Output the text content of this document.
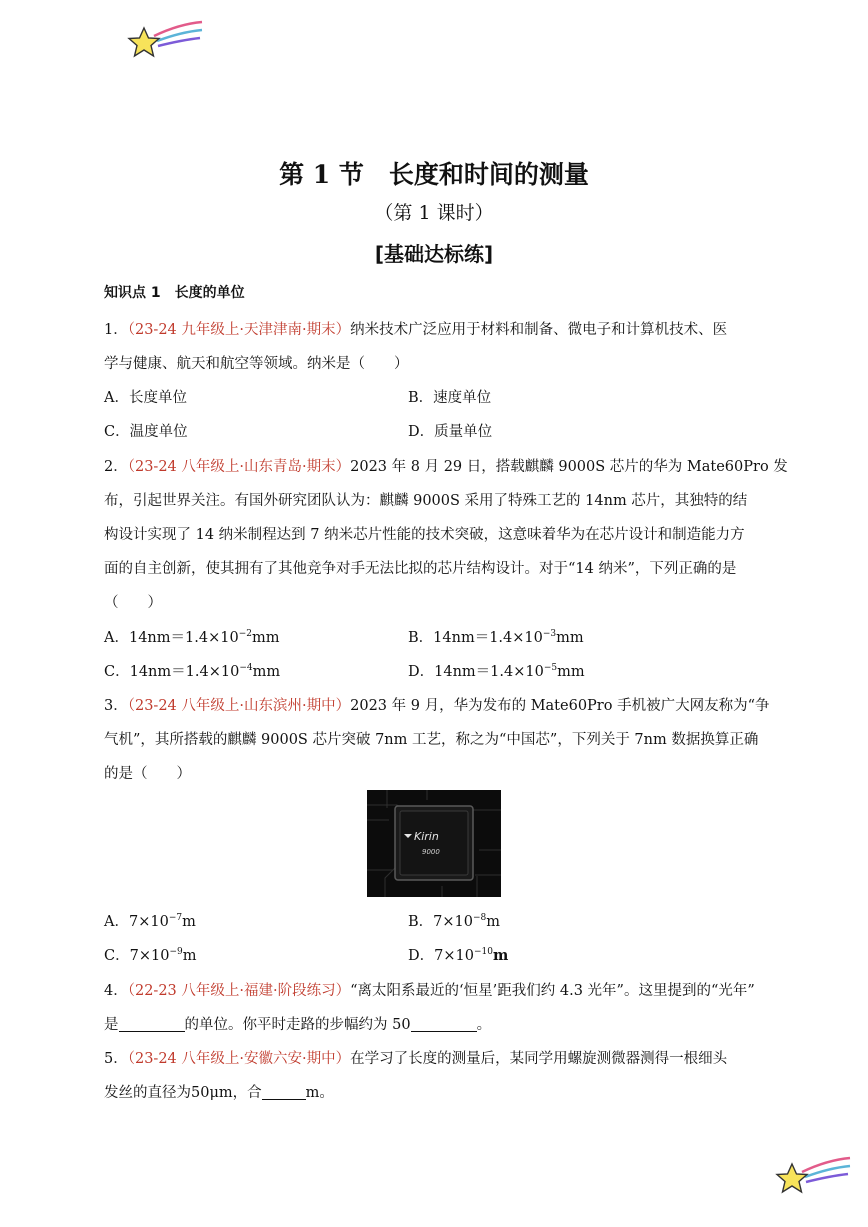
第 1 节　长度和时间的测量
（第 1 课时）
[基础达标练]
知识点 1　长度的单位
1．（23-24 九年级上·天津津南·期末）纳米技术广泛应用于材料和制备、微电子和计算机技术、医
学与健康、航天和航空等领域。纳米是（　　）
A．长度单位	B．速度单位
C．温度单位	D．质量单位
2．（23-24 八年级上·山东青岛·期末）2023 年 8 月 29 日，搭载麒麟 9000S 芯片的华为 Mate60Pro 发
布，引起世界关注。有国外研究团队认为：麒麟 9000S 采用了特殊工艺的 14nm 芯片，其独特的结
构设计实现了 14 纳米制程达到 7 纳米芯片性能的技术突破，这意味着华为在芯片设计和制造能力方
面的自主创新，使其拥有了其他竞争对手无法比拟的芯片结构设计。对于“14 纳米”，下列正确的是
（　　）
A．$14nm=1.4\times 10^{-2}mm$	B．$14nm=1.4\times 10^{-3}mm$
C．$14nm=1.4\times 10^{-4}mm$	D．$14nm=1.4\times 10^{-5}mm$
3．（23-24 八年级上·山东滨州·期中）2023 年 9 月，华为发布的 Mate60Pro 手机被广大网友称为“争
气机”，其所搭载的麒麟 9000S 芯片突破 7nm 工艺，称之为“中国芯”，下列关于 7nm 数据换算正确
的是（　　）
Kirin
9000
A．$7\times 10^{-7}m$	B．$7\times 10^{-8}m$
C．$7\times 10^{-9}m$	D．$7\times 10^{-10}m$
4．（22-23 八年级上·福建·阶段练习）“离太阳系最近的‘恒星’距我们约 4.3 光年”。这里提到的“光年”
是	的单位。你平时走路的步幅约为 50	。
5．（23-24 八年级上·安徽六安·期中）在学习了长度的测量后，某同学用螺旋测微器测得一根细头
发丝的直径为50μm，合	m。
